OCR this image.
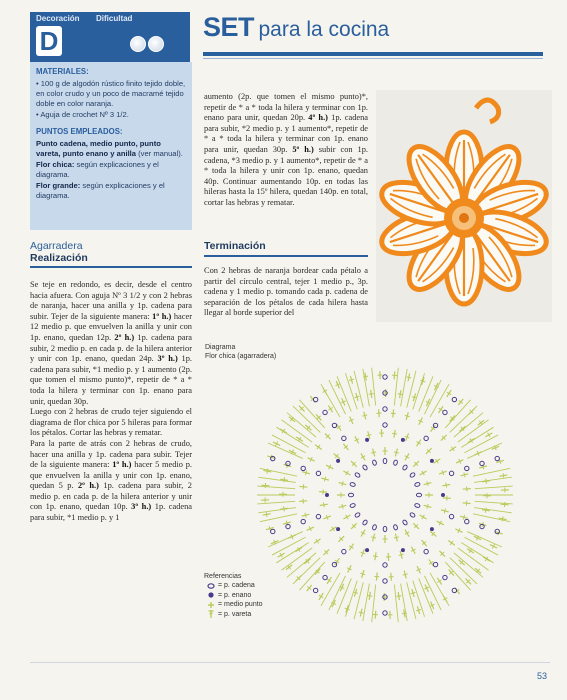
Decoración Dificultad
D	SET para la cocina
MATERIALES:

• 100 g de algodón rústico finito tejido doble, en color crudo y un poco de macramé tejido doble en color naranja.

• Aguja de crochet Nº 3 1/2.

PUNTOS EMPLEADOS:

Punto cadena, medio punto, punto vareta, punto enano y anilla (ver manual).

Flor chica: según explicaciones y el diagrama.

Flor grande: según explicaciones y el diagrama.

Agarradera
Realización

Se teje en redondo, es decir, desde el centro hacia afuera. Con aguja Nº 3 1/2 y con 2 hebras de naranja, hacer una anilla y 1p. cadena para subir. Tejer de la siguiente manera: 1º h.) hacer 12 medio p. que envuelven la anilla y unir con 1p. enano, quedan 12p. 2º h.) 1p. cadena para subir, 2 medio p. en cada p. de la hilera anterior y unir con 1p. enano, quedan 24p. 3º h.) 1p. cadena para subir, *1 medio p. y 1 aumento (2p. que tomen el mismo punto)*, repetir de * a * toda la hilera y terminar con 1p. enano para unir, quedan 30p.

Luego con 2 hebras de crudo tejer siguiendo el diagrama de flor chica por 5 hileras para formar los pétalos. Cortar las hebras y rematar.

Para la parte de atrás con 2 hebras de crudo, hacer una anilla y 1p. cadena para subir. Tejer de la siguiente manera: 1º h.) hacer 5 medio p. que envuelven la anilla y unir con 1p. enano, quedan 5 p. 2º h.) 1p. cadena para subir, 2 medio p. en cada p. de la hilera anterior y unir con 1p. enano, quedan 10p. 3º h.) 1p. cadena para subir, *1 medio p. y 1

aumento (2p. que tomen el mismo punto)*, repetir de * a * toda la hilera y terminar con 1p. enano para unir, quedan 20p. 4º h.) 1p. cadena para subir, *2 medio p. y 1 aumento*, repetir de * a * toda la hilera y terminar con 1p. enano para unir, quedan 30p. 5º h.) subir con 1p. cadena, *3 medio p. y 1 aumento*, repetir de * a * toda la hilera y unir con 1p. enano, quedan 40p. Continuar aumentando 10p. en todas las hileras hasta la 15º hilera, quedan 140p. en total, cortar las hebras y rematar.

Terminación

Con 2 hebras de naranja bordear cada pétalo a partir del círculo central, tejer 1 medio p., 3p. cadena y 1 medio p. tomando cada p. cadena de separación de los pétalos de cada hilera hasta llegar al borde superior del

Diagrama
Flor chica (agarradera)
Referencias
= p. cadena
= p. enano
= medio punto
= p. vareta
53
